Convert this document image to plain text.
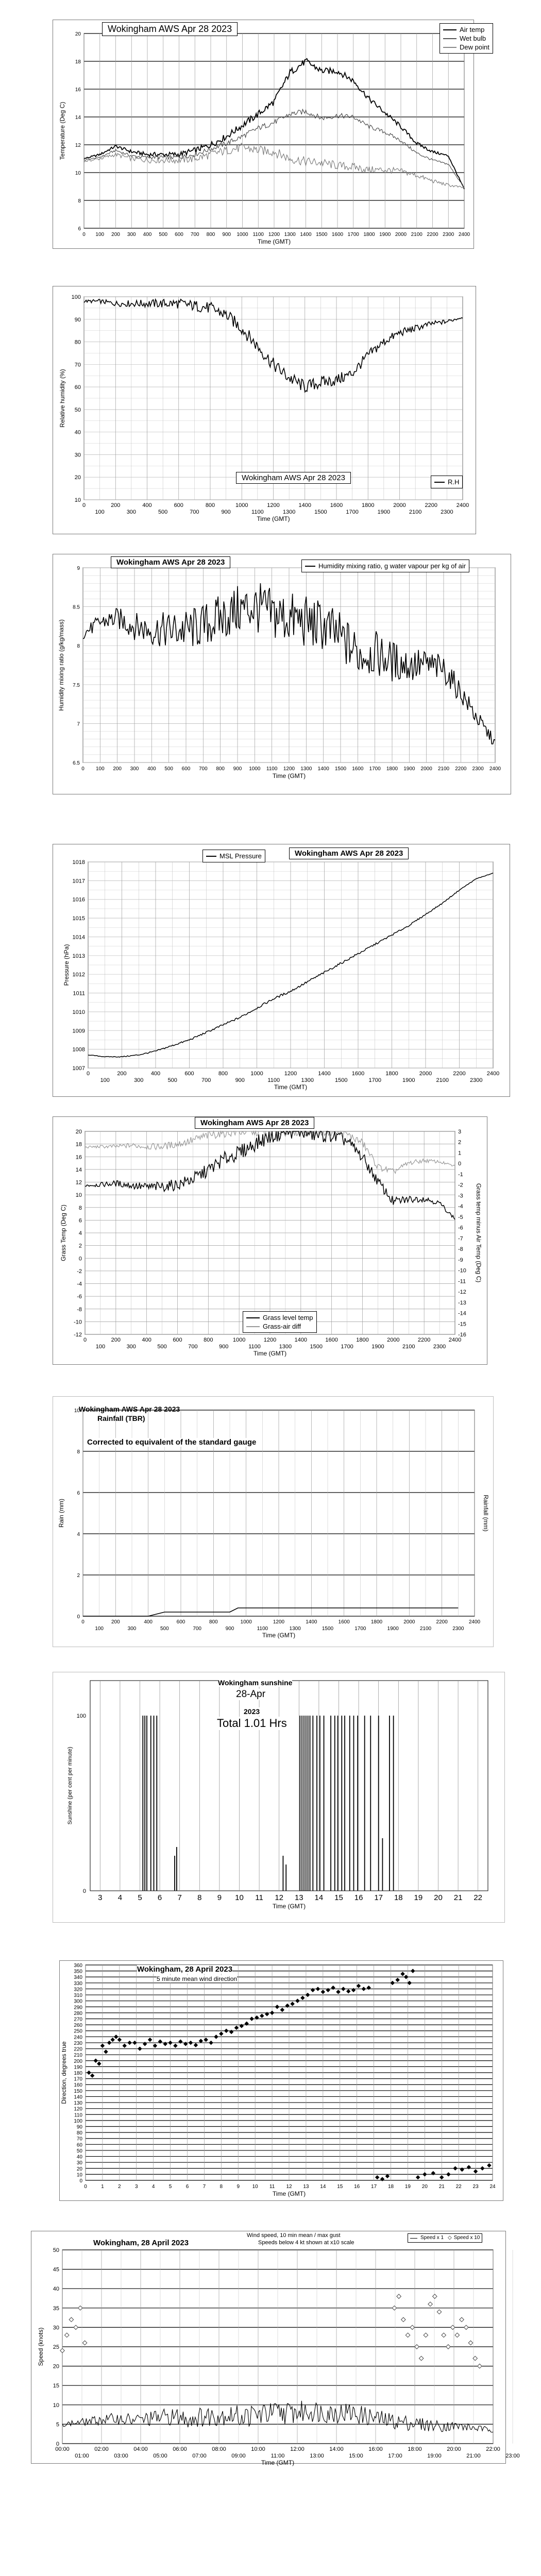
6
8
10
12
14
16
18
20
0 100 200 300 400 500 600 700 800 900 1000 1100 1200 1300 1400 1500 1600 1700 1800 1900 2000 2100 2200 2300 2400
Time (GMT)
Temperature (Deg C)
Wokingham AWS Apr 28 2023	Air temp
Wet bulb
Dew point
10
20
30
40
50
60
70
80
90
100
0	200	400	600	800	1000	1200	1400	1600	1800	2000	2200	2400
100	300	500	700	900	1100	1300	1500	1700	1900	2100	2300
Time (GMT)
Relative humidity (%)
Wokingham AWS Apr 28 2023	R.H
6.5
7
7.5
8
8.5
9
0 100 200 300 400 500 600 700 800 900 1000 1100 1200 1300 1400 1500 1600 1700 1800 1900 2000 2100 2200 2300 2400
Time (GMT)
Humidity mixing ratio (g/kg/mass)
Wokingham AWS Apr 28 2023	Humidity mixing ratio, g water vapour per kg of air
1007
1008
1009
1010
1011
1012
1013
1014
1015
1016
1017
1018
0	200	400	600	800	1000	1200	1400	1600	1800	2000	2200	2400
100	300	500	700	900	1100	1300	1500	1700	1900	2100	2300
Time (GMT)
Pressure (hPa)
MSL Pressure	Wokingham AWS Apr 28 2023
-12
-10
-8
-6
-4
-2
0
2
4
6
8
10
12
14
16
18
20
0	200	400	600	800	1000	1200	1400	1600	1800	2000	2200	2400
100	300	500	700	900	1100	1300	1500	1700	1900	2100	2300
Time (GMT)
Grass Temp (Deg C)	Grass temp minus Air Temp (Deg C)
3
2
1
0
-1
-2
-3
-4
-5
-6
-7
-8
-9
-10
-11
-12
-13
-14
-15
-16
Wokingham AWS Apr 28 2023
Grass level temp
Grass-air diff
0
2
4
6
8
10
0	200	400	600	800	1000	1200	1400	1600	1800	2000	2200	2400
100	300	500	700	900	1100	1300	1500	1700	1900	2100	2300
Time (GMT)
Rain (mm)	Rainfall (mm)
Wokingham AWS Apr 28 2023
Rainfall (TBR)
Corrected to equivalent of the standard gauge
3 4 5 6 7 8 9 10 11 12 13 14 15 16 17 18 19 20 21 22
0
100
Time (GMT)
Sunshine (per cent per minute)
Wokingham sunshine
28-Apr
2023
Total 1.01 Hrs
0
10
20
30
40
50
60
70
80
90
100
110
120
130
140
150
160
170
180
190
200
210
220
230
240
250
260
270
280
290
300
310
320
330
340
350
360
0	1	2	3	4	5	6	7	8	9 10 11 12 13 14 15 16 17 18 19 20 21 22 23 24
Time (GMT)
Direction, degrees true
Wokingham, 28 April 2023
5 minute mean wind direction
0
5
10
15
20
25
30
35
40
45
50
00:00	02:00	04:00	06:00	08:00	10:00	12:00	14:00	16:00	18:00	20:00	22:00
01:00	03:00	05:00	07:00	09:00	11:00	13:00	15:00	17:00	19:00	21:00	23:00
Time (GMT)
Speed (knots)
Wokingham, 28 April 2023
Wind speed, 10 min mean / max gust
Speeds below 4 kt shown at x10 scale
Speed x 1 ◇ Speed x 10
